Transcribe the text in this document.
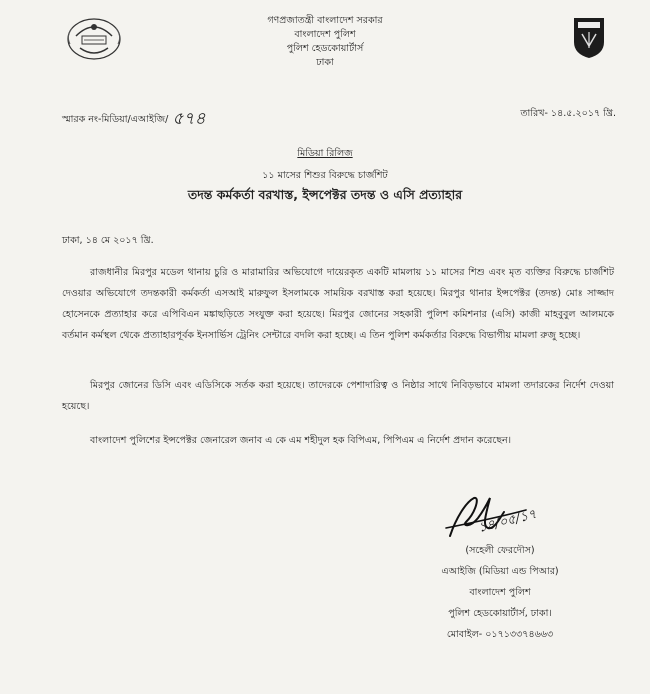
গণপ্রজাতন্ত্রী বাংলাদেশ সরকার
বাংলাদেশ পুলিশ
পুলিশ হেডকোয়ার্টার্স
ঢাকা
স্মারক নং-মিডিয়া/এআইজি/ ৫৭৪	তারিখ- ১৪.৫.২০১৭ খ্রি.
মিডিয়া রিলিজ
১১ মাসের শিশুর বিরুদ্ধে চার্জশিট
তদন্ত কর্মকর্তা বরখাস্ত, ইন্সপেক্টর তদন্ত ও এসি প্রত্যাহার
ঢাকা, ১৪ মে ২০১৭ খ্রি.
রাজধানীর মিরপুর মডেল থানায় চুরি ও মারামারির অভিযোগে দায়েরকৃত একটি মামলায় ১১ মাসের শিশু এবং মৃত ব্যক্তির বিরুদ্ধে চার্জশিট দেওয়ার অভিযোগে তদন্তকারী কর্মকর্তা এসআই মারুফুল ইসলামকে সাময়িক বরখাস্ত করা হয়েছে। মিরপুর থানার ইন্সপেক্টর (তদন্ত) মোঃ সাজ্জাদ হোসেনকে প্রত্যাহার করে এপিবিএন মঙ্কাছড়িতে সংযুক্ত করা হয়েছে। মিরপুর জোনের সহকারী পুলিশ কমিশনার (এসি) কাজী মাহবুবুল আলমকে বর্তমান কর্মস্থল থেকে প্রত্যাহারপূর্বক ইনসার্ভিস ট্রেনিং সেন্টারে বদলি করা হচ্ছে। এ তিন পুলিশ কর্মকর্তার বিরুদ্ধে বিভাগীয় মামলা রুজু হচ্ছে।
মিরপুর জোনের ডিসি এবং এডিসিকে সর্তক করা হয়েছে। তাদেরকে পেশাদারিত্ব ও নিষ্ঠার সাথে নিবিড়ভাবে মামলা তদারকের নির্দেশ দেওয়া হয়েছে।
বাংলাদেশ পুলিশের ইন্সপেক্টর জেনারেল জনাব এ কে এম শহীদুল হক বিপিএম, পিপিএম এ নির্দেশ প্রদান করেছেন।
১৪/০৫/১৭
(সহেলী ফেরদৌস)
এআইজি (মিডিয়া এন্ড পিআর)
বাংলাদেশ পুলিশ
পুলিশ হেডকোয়ার্টার্স, ঢাকা।
মোবাইল- ০১৭১৩৩৭৪৬৬৩
